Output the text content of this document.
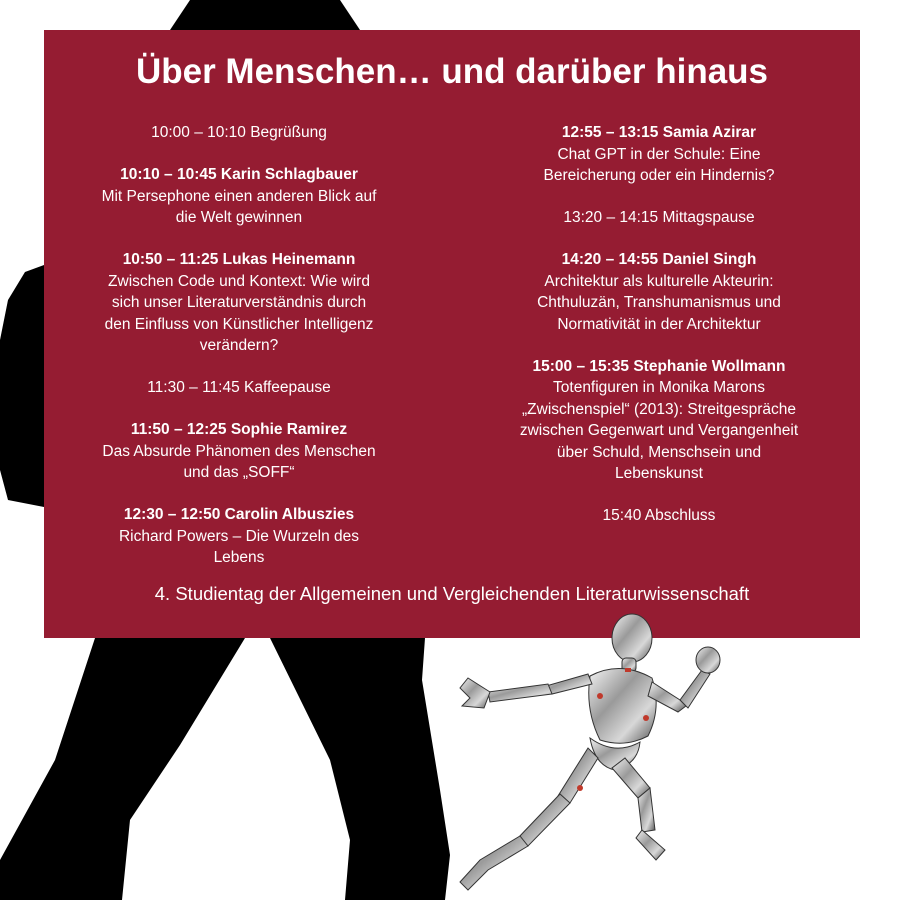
Über Menschen… und darüber hinaus

10:00 – 10:10 Begrüßung

10:10 – 10:45 Karin Schlagbauer

Mit Persephone einen anderen Blick auf

die Welt gewinnen

10:50 – 11:25 Lukas Heinemann

Zwischen Code und Kontext: Wie wird

sich unser Literaturverständnis durch

den Einfluss von Künstlicher Intelligenz

verändern?

11:30 – 11:45 Kaffeepause

11:50 – 12:25 Sophie Ramirez

Das Absurde Phänomen des Menschen

und das „SOFF“

12:30 – 12:50 Carolin Albuszies

Richard Powers – Die Wurzeln des

Lebens

12:55 – 13:15 Samia Azirar

Chat GPT in der Schule: Eine

Bereicherung oder ein Hindernis?

13:20 – 14:15 Mittagspause

14:20 – 14:55 Daniel Singh

Architektur als kulturelle Akteurin:

Chthuluzän, Transhumanismus und

Normativität in der Architektur

15:00 – 15:35 Stephanie Wollmann

Totenfiguren in Monika Marons

„Zwischenspiel“ (2013): Streitgespräche

zwischen Gegenwart und Vergangenheit

über Schuld, Menschsein und

Lebenskunst

15:40 Abschluss

4. Studientag der Allgemeinen und Vergleichenden Literaturwissenschaft
